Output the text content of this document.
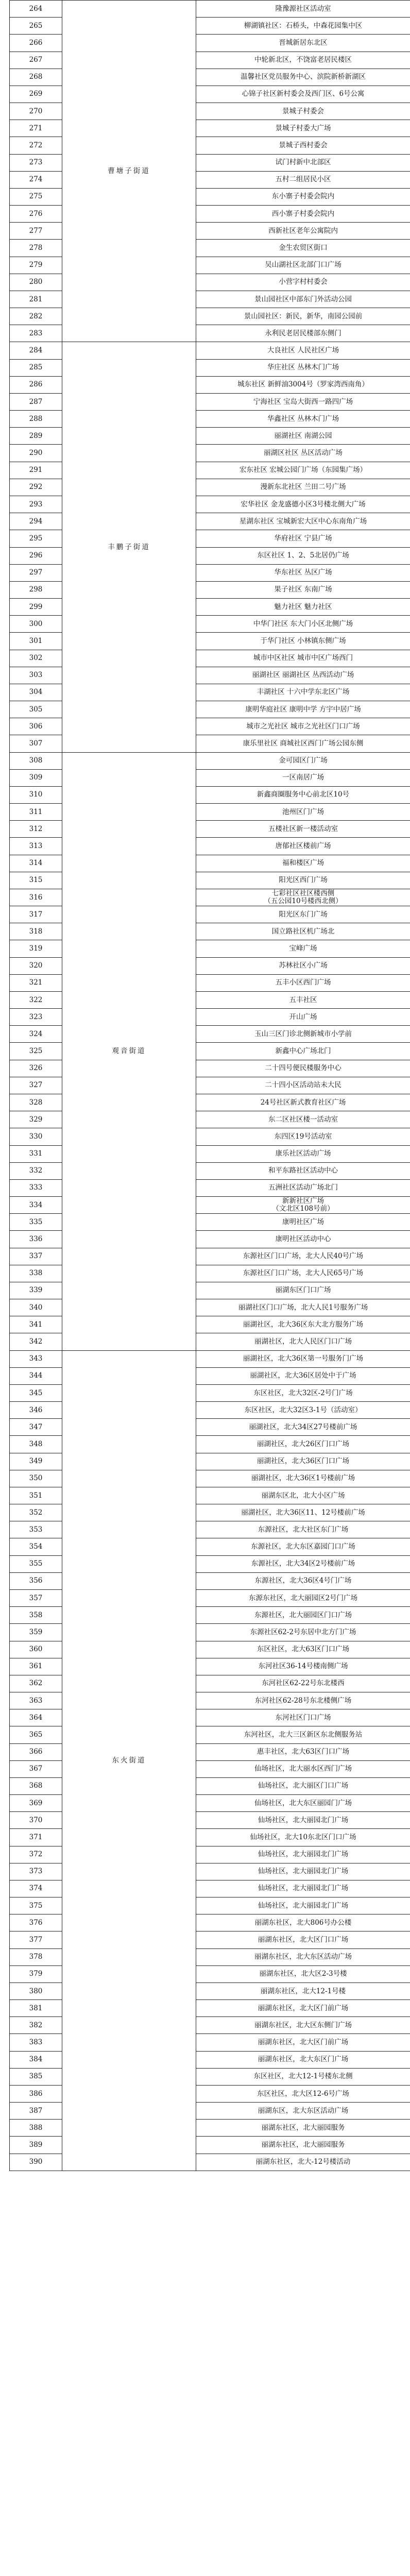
264	曹塘子街道	隆豫源社区活动室
265		柳湖镇社区：石桥头，中森花园集中区
266		晋城新居东北区
267		中轮新北区，不饶富老居民楼区
268		温馨社区党员服务中心、滨院新桥新湖区
269		心锦子社区新村委会及西门区、6号公寓
270		景城子村委会
271		景城子村委大广场
272		景城子西村委会
273		试门村新中北部区
274		五村二组居民小区
275		东小寨子村委会院内
276		西小寨子村委会院内
277		西新社区老年公寓院内
278		金生农贸区街口
279		吴山湖社区北部门口广场
280		小营字村村委会
281		景山园社区中部东门外活动公园
282		景山园社区：新民，新华，南园公园前
283		永利民老居民楼部东侧门
284	丰鹏子街道	大良社区 人民社区广场
285		华庄社区 丛林木门广场
286		城东社区 新鲜油3004号（罗家湾西南角）
287		宁海社区 宝岛大街西一路四广场
288		华鑫社区 丛林木门广场
289		丽湖社区 南湖公园
290		丽湖区社区 丛区活动广场
291		宏东社区 宏城公园门广场（东园集广场）
292		漫新东北社区 兰田二号广场
293		宏华社区 金龙盛德小区3号楼北侧大广场
294		星湖东社区 宝城新宏大区中心东南角广场
295		华府社区 宁县广场
296		东区社区 1、2、5北居仍广场
297		华东社区 丛区广场
298		果子社区 东南广场
299		魅力社区 魅力社区
300		中华门社区 东大门小区北侧广场
301		于华门社区 小林镇东侧广场
302		城市中区社区 城市中区广场西门
303		丽湖社区 丽湖社区 丛西活动广场
304		丰湖社区 十六中学东北区广场
305		康明华庭社区 康明中学 方宇中居广场
306		城市之光社区 城市之光社区门口广场
307		康乐里社区 商城社区西门广场公园东侧
308	观音街道	金可园区门广场
309		一区南居广场
310		新鑫商圈服务中心前北区10号
311		池州区门广场
312		五楼社区新一楼活动室
313		唐郁社区楼前广场
314		福和楼区广场
315		阳光区西门广场
316		七彩社区社区楼西侧
（五公园10号楼西北侧）
317		阳光区东门广场
318		国立路社区机广场北
319		宝峰广场
320		苏林社区小广场
321		五丰小区西门广场
322		五丰社区
323		开山广场
324		玉山三区门诊北侧新城市小学前
325		新鑫中心广场北门
326		二十四号便民楼服务中心
327		二十四小区活动站未大民
328		24号社区新式教育社区广场
329		东二区社区楼一活动室
330		东四区19号活动室
331		康乐社区活动广场
332		和平东路社区活动中心
333		五洲社区活动广场北门
334		新新社区广场
（文北区108号前）
335		康明社区广场
336		康明社区活动中心
337		东源社区门口广场，北大人民40号广场
338		东源社区门口广场，北大人民65号广场
339		丽湖东区门口广场
340		丽湖社区门口广场，北大人民1号服务广场
341		丽湖社区，北大36区东大北方服务广场
342		丽湖社区，北大人民区门口广场
343	东火街道	丽湖社区，北大36区第一号服务门广场
344		丽湖社区，北大36区居处中于广场
345		东区社区，北大32区-2号门广场
346		东区社区，北大32区3-1号（活动室）
347		丽湖社区，北大34区27号楼前广场
348		丽湖社区，北大26区门口广场
349		丽湖社区，北大36区门口广场
350		丽湖社区，北大36区1号楼前广场
351		丽湖东区北，北大小区广场
352		丽湖社区，北大36区11、12号楼前广场
353		东源社区，北大社区东门广场
354		东源社区，北大东区嘉园门口广场
355		东源社区，北大34区2号楼前广场
356		东源社区，北大36区4号门广场
357		东源东社区，北大丽园区2号门广场
358		东源社区，北大丽园区门口广场
359		东源社区62-2号东居中北方门广场
360		东区社区，北大63区门口广场
361		东河社区36-14号楼南侧广场
362		东河社区62-22号东北楼西
363		东河社区62-28号东北楼侧广场
364		东河社区门口广场
365		东河社区，北大三区新区东北侧服务站
366		惠丰社区，北大63区门口广场
367		仙场社区，北大丽水区西门广场
368		仙场社区，北大丽区门口广场
369		仙场社区，北大东区丽园门广场
370		仙场社区，北大丽园北门广场
371		仙场社区，北大10东北区门口广场
372		仙场社区，北大丽园北门广场
373		仙场社区，北大丽园北门广场
374		仙场社区，北大丽园北门广场
375		仙场社区，北大丽园北门广场
376		丽湖东社区，北大806号办公楼
377		丽湖东社区，北大区门口广场
378		丽湖东社区，北大东区活动广场
379		丽湖东社区，北大区2-3号楼
380		丽湖东社区，北大12-1号楼
381		丽湖东社区，北大区门前广场
382		丽湖东社区，北大区东侧门广场
383		丽湖东社区，北大区门前广场
384		丽湖东社区，北大东区门广场
385		东区社区，北大12-1号楼东北侧
386		东区社区，北大区12-6号广场
387		丽湖东区，北大东区活动广场
388		丽湖东社区，北大丽园服务
389		丽湖东社区，北大丽园服务
390		丽湖东社区，北大-12号楼活动
